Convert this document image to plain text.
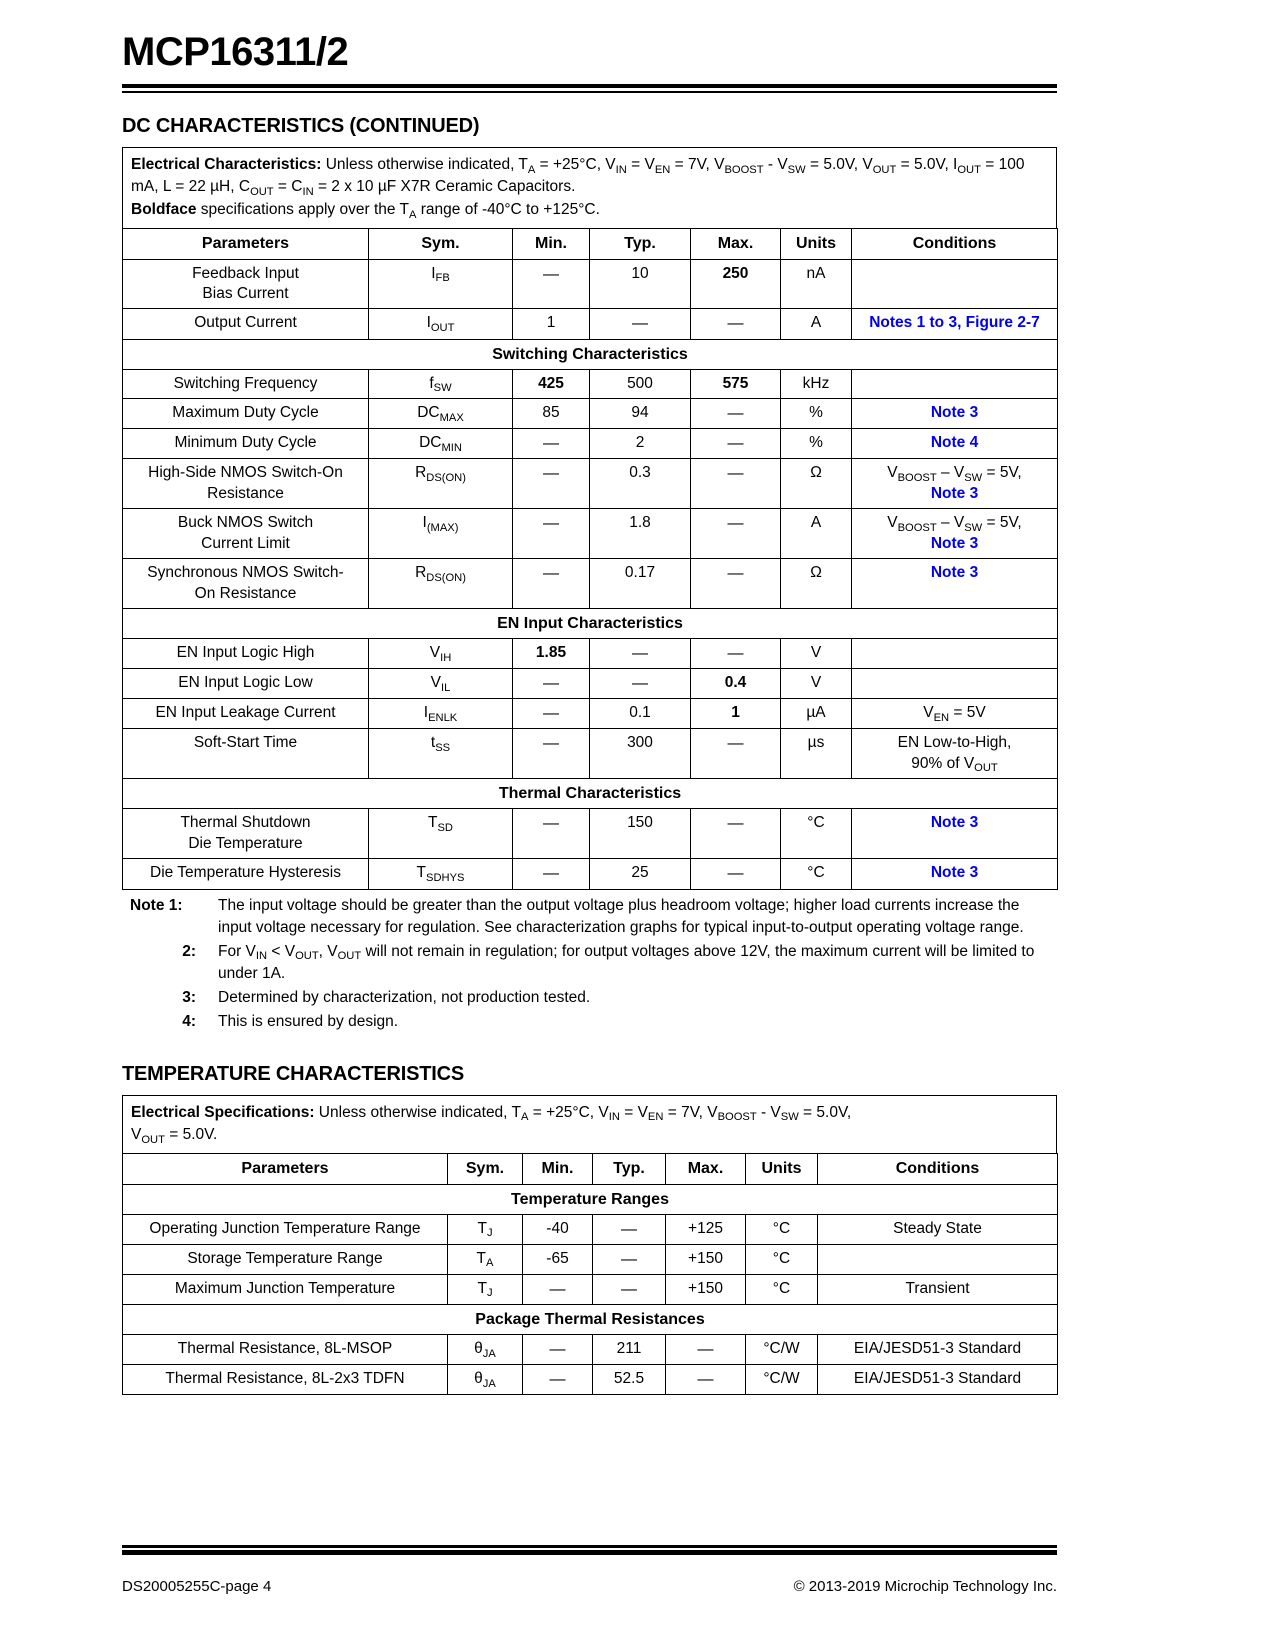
MCP16311/2
DC CHARACTERISTICS (CONTINUED)
Electrical Characteristics: Unless otherwise indicated, $T_A = +25^\circ C$, $V_{IN} = V_{EN} = 7V$, $V_{BOOST} - V_{SW} = 5.0V$, $V_{OUT} = 5.0V$, $I_{OUT} = 100$ mA, L = 22 µH, $C_{OUT} = C_{IN} = 2$ x 10 µF X7R Ceramic Capacitors.
Boldface specifications apply over the $T_A$ range of -40°C to +125°C.
Parameters	Sym.	Min.	Typ.	Max.	Units	Conditions
Feedback Input
Bias Current	$I_{FB}$	—	10	250	nA	
Output Current	$I_{OUT}$	1	—	—	A	Notes 1 to 3, Figure 2-7
Switching Characteristics						
Switching Frequency	$f_{SW}$	425	500	575	kHz	
Maximum Duty Cycle	$DC_{MAX}$	85	94	—	%	Note 3
Minimum Duty Cycle	$DC_{MIN}$	—	2	—	%	Note 4
High-Side NMOS Switch-On
Resistance	$R_{DS(ON)}$	—	0.3	—	Ω	$V_{BOOST} - V_{SW} = 5V$,
Note 3
Buck NMOS Switch
Current Limit	$I_{(MAX)}$	—	1.8	—	A	$V_{BOOST} - V_{SW} = 5V$,
Note 3
Synchronous NMOS Switch-
On Resistance	$R_{DS(ON)}$	—	0.17	—	Ω	Note 3
EN Input Characteristics						
EN Input Logic High	$V_{IH}$	1.85	—	—	V	
EN Input Logic Low	$V_{IL}$	—	—	0.4	V	
EN Input Leakage Current	$I_{ENLK}$	—	0.1	1	µA	$V_{EN} = 5V$
Soft-Start Time	$t_{SS}$	—	300	—	µs	EN Low-to-High,
90% of $V_{OUT}$
Thermal Characteristics						
Thermal Shutdown
Die Temperature	$T_{SD}$	—	150	—	°C	Note 3
Die Temperature Hysteresis	$T_{SDHYS}$	—	25	—	°C	Note 3
Note 1:	The input voltage should be greater than the output voltage plus headroom voltage; higher load currents increase the input voltage necessary for regulation. See characterization graphs for typical input-to-output operating voltage range.
2:	For $V_{IN} < V_{OUT}$, $V_{OUT}$ will not remain in regulation; for output voltages above 12V, the maximum current will be limited to under 1A.
3:	Determined by characterization, not production tested.
4:	This is ensured by design.
TEMPERATURE CHARACTERISTICS
Electrical Specifications: Unless otherwise indicated, $T_A = +25^\circ C$, $V_{IN} = V_{EN} = 7V$, $V_{BOOST} - V_{SW} = 5.0V$,
$V_{OUT} = 5.0V$.
Parameters	Sym.	Min.	Typ.	Max.	Units	Conditions
Temperature Ranges						
Operating Junction Temperature Range	$T_J$	-40	—	+125	°C	Steady State
Storage Temperature Range	$T_A$	-65	—	+150	°C	
Maximum Junction Temperature	$T_J$	—	—	+150	°C	Transient
Package Thermal Resistances						
Thermal Resistance, 8L-MSOP	$\theta_{JA}$	—	211	—	°C/W	EIA/JESD51-3 Standard
Thermal Resistance, 8L-2x3 TDFN	$\theta_{JA}$	—	52.5	—	°C/W	EIA/JESD51-3 Standard
DS20005255C-page 4	© 2013-2019 Microchip Technology Inc.
